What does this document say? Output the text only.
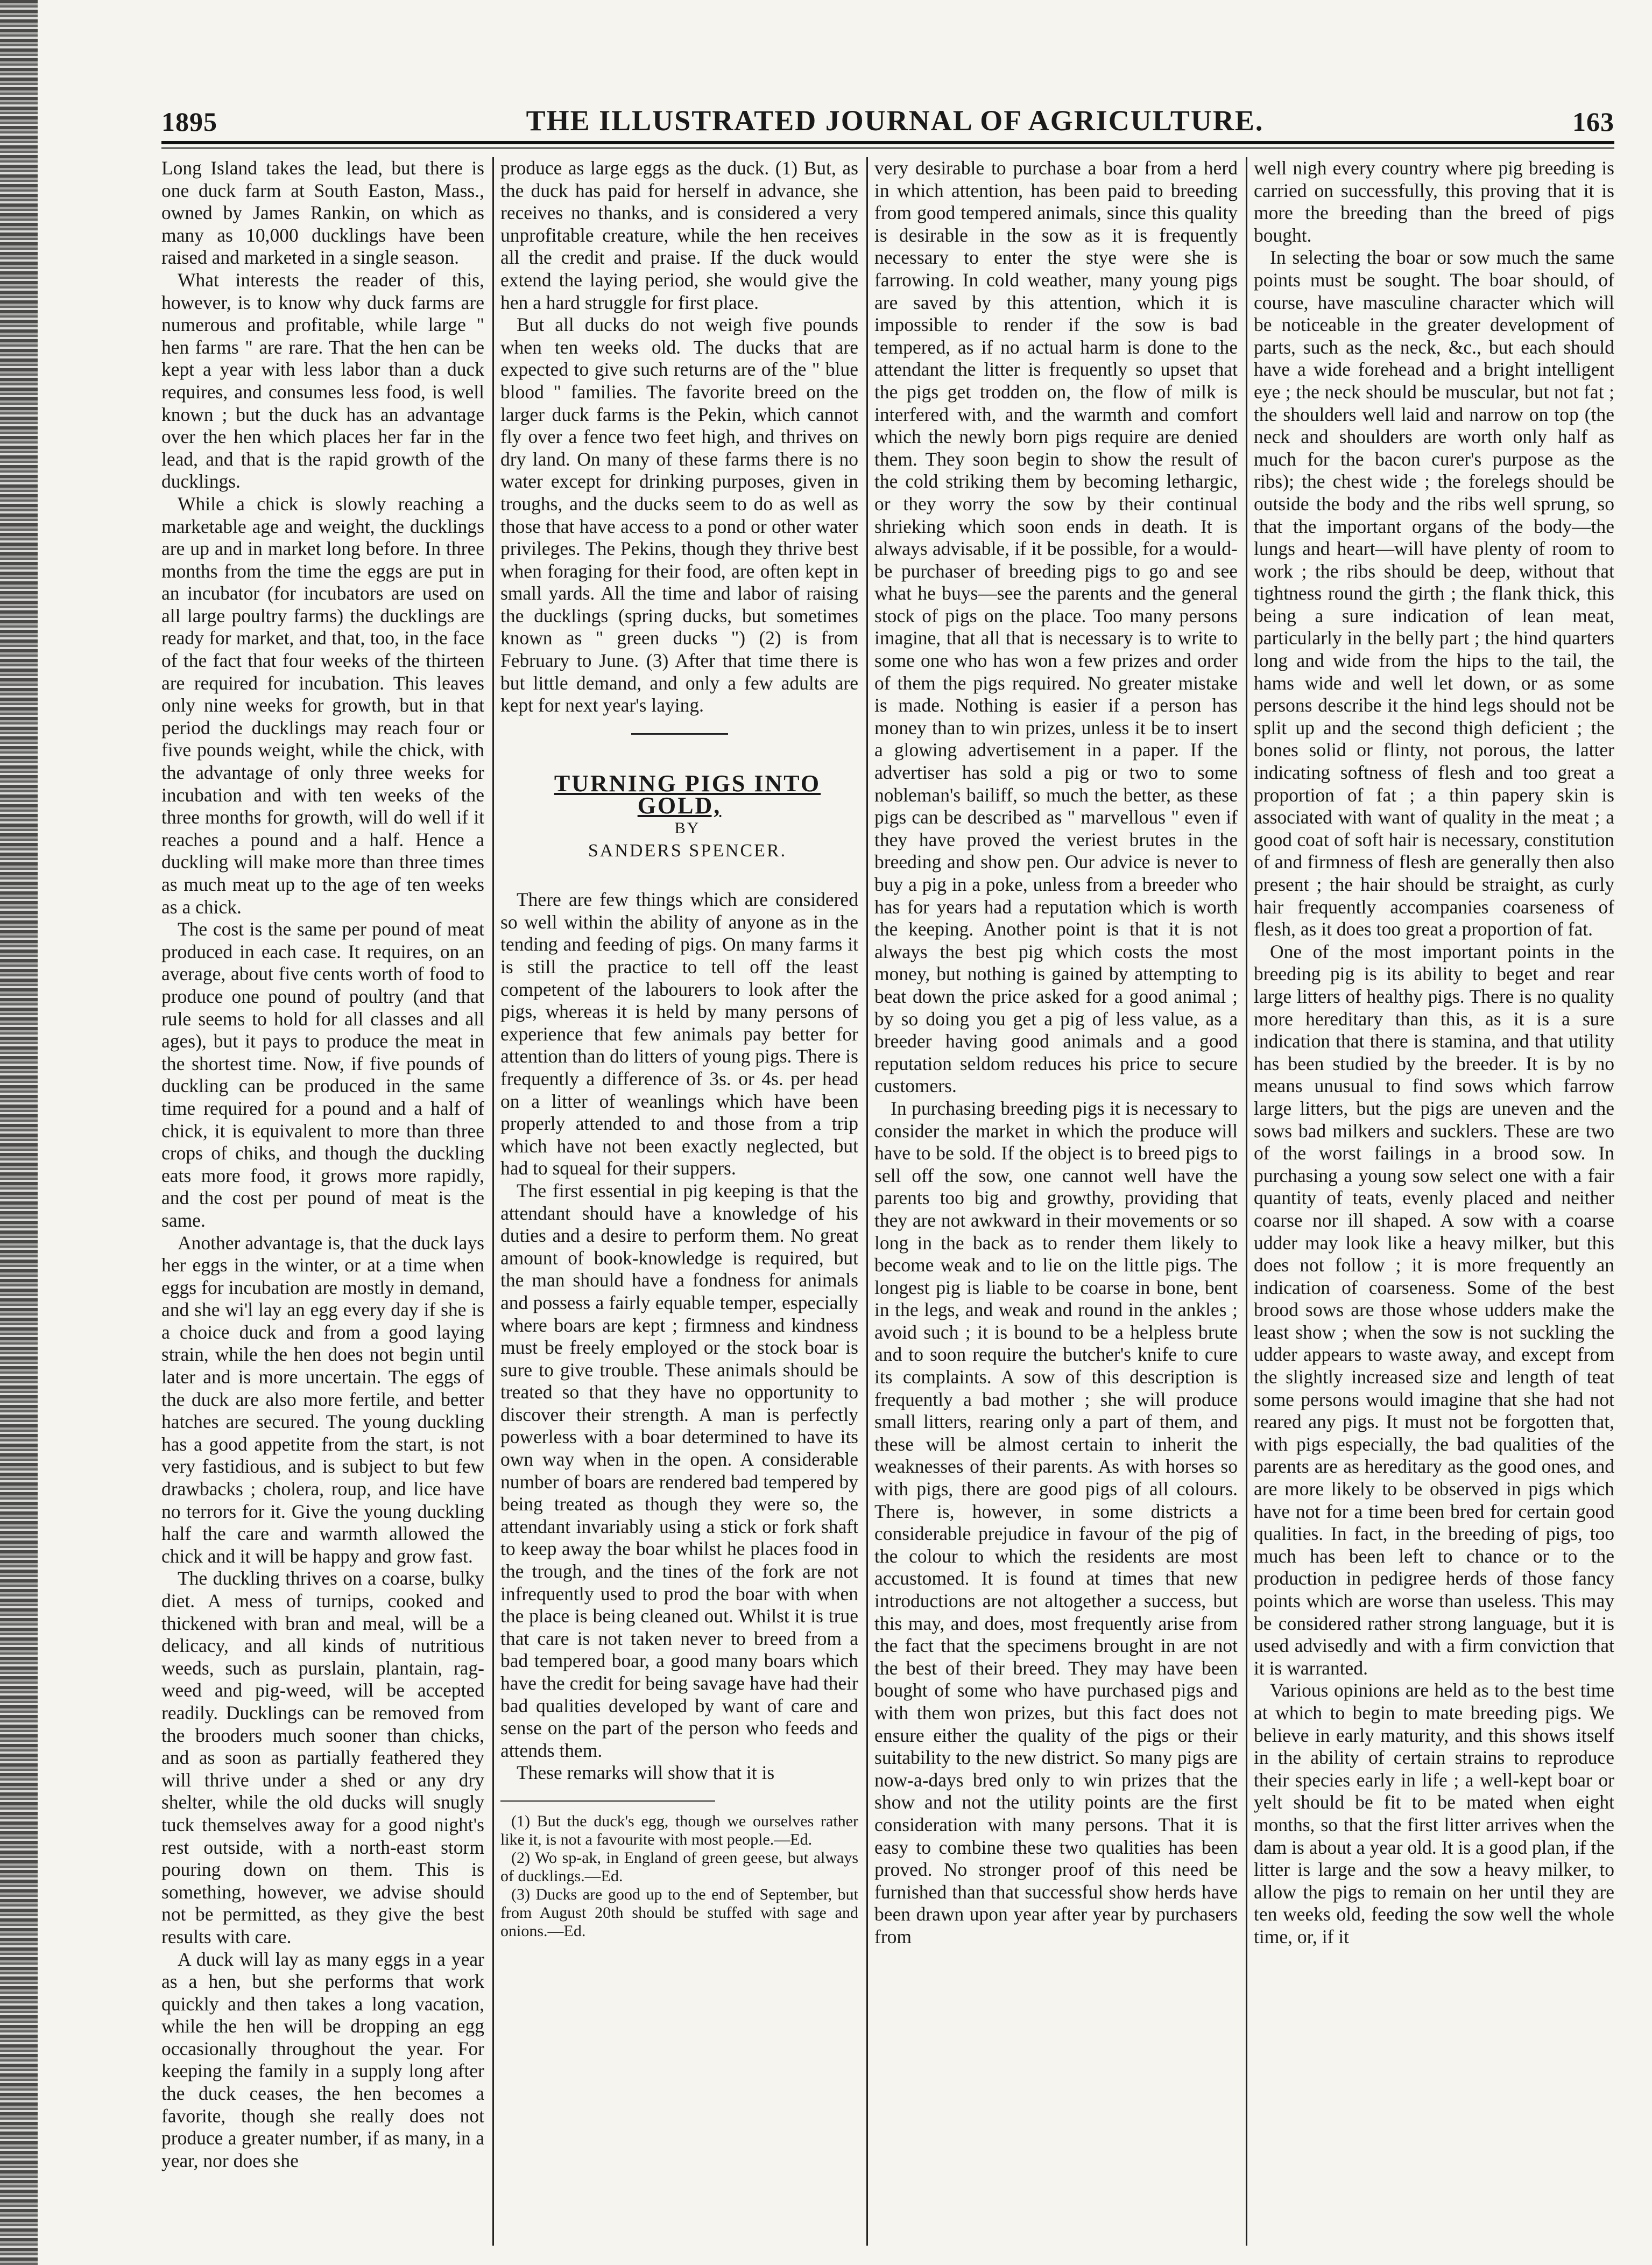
1895	THE ILLUSTRATED JOURNAL OF AGRICULTURE.	163

Long Island takes the lead, but there is one duck farm at South Easton, Mass., owned by James Rankin, on which as many as 10,000 ducklings have been raised and marketed in a single season.

What interests the reader of this, however, is to know why duck farms are numerous and profitable, while large " hen farms " are rare. That the hen can be kept a year with less labor than a duck requires, and consumes less food, is well known ; but the duck has an advantage over the hen which places her far in the lead, and that is the rapid growth of the ducklings.

While a chick is slowly reaching a marketable age and weight, the ducklings are up and in market long before. In three months from the time the eggs are put in an incubator (for incubators are used on all large poultry farms) the ducklings are ready for market, and that, too, in the face of the fact that four weeks of the thirteen are required for incubation. This leaves only nine weeks for growth, but in that period the ducklings may reach four or five pounds weight, while the chick, with the advantage of only three weeks for incubation and with ten weeks of the three months for growth, will do well if it reaches a pound and a half. Hence a duckling will make more than three times as much meat up to the age of ten weeks as a chick.

The cost is the same per pound of meat produced in each case. It requires, on an average, about five cents worth of food to produce one pound of poultry (and that rule seems to hold for all classes and all ages), but it pays to produce the meat in the shortest time. Now, if five pounds of duckling can be produced in the same time required for a pound and a half of chick, it is equivalent to more than three crops of chiks, and though the duckling eats more food, it grows more rapidly, and the cost per pound of meat is the same.

Another advantage is, that the duck lays her eggs in the winter, or at a time when eggs for incubation are mostly in demand, and she wi'l lay an egg every day if she is a choice duck and from a good laying strain, while the hen does not begin until later and is more uncertain. The eggs of the duck are also more fertile, and better hatches are secured. The young duckling has a good appetite from the start, is not very fastidious, and is subject to but few drawbacks ; cholera, roup, and lice have no terrors for it. Give the young duckling half the care and warmth allowed the chick and it will be happy and grow fast.

The duckling thrives on a coarse, bulky diet. A mess of turnips, cooked and thickened with bran and meal, will be a delicacy, and all kinds of nutritious weeds, such as purslain, plantain, rag-weed and pig-weed, will be accepted readily. Ducklings can be removed from the brooders much sooner than chicks, and as soon as partially feathered they will thrive under a shed or any dry shelter, while the old ducks will snugly tuck themselves away for a good night's rest outside, with a north-east storm pouring down on them. This is something, however, we advise should not be permitted, as they give the best results with care.

A duck will lay as many eggs in a year as a hen, but she performs that work quickly and then takes a long vacation, while the hen will be dropping an egg occasionally throughout the year. For keeping the family in a supply long after the duck ceases, the hen becomes a favorite, though she really does not produce a greater number, if as many, in a year, nor does she

produce as large eggs as the duck. (1) But, as the duck has paid for herself in advance, she receives no thanks, and is considered a very unprofitable creature, while the hen receives all the credit and praise. If the duck would extend the laying period, she would give the hen a hard struggle for first place.

But all ducks do not weigh five pounds when ten weeks old. The ducks that are expected to give such returns are of the " blue blood " families. The favorite breed on the larger duck farms is the Pekin, which cannot fly over a fence two feet high, and thrives on dry land. On many of these farms there is no water except for drinking purposes, given in troughs, and the ducks seem to do as well as those that have access to a pond or other water privileges. The Pekins, though they thrive best when foraging for their food, are often kept in small yards. All the time and labor of raising the ducklings (spring ducks, but sometimes known as " green ducks ") (2) is from February to June. (3) After that time there is but little demand, and only a few adults are kept for next year's laying.

TURNING PIGS INTO GOLD,

BY

SANDERS SPENCER.

There are few things which are considered so well within the ability of anyone as in the tending and feeding of pigs. On many farms it is still the practice to tell off the least competent of the labourers to look after the pigs, whereas it is held by many persons of experience that few animals pay better for attention than do litters of young pigs. There is frequently a difference of 3s. or 4s. per head on a litter of weanlings which have been properly attended to and those from a trip which have not been exactly neglected, but had to squeal for their suppers.

The first essential in pig keeping is that the attendant should have a knowledge of his duties and a desire to perform them. No great amount of book-knowledge is required, but the man should have a fondness for animals and possess a fairly equable temper, especially where boars are kept ; firmness and kindness must be freely employed or the stock boar is sure to give trouble. These animals should be treated so that they have no opportunity to discover their strength. A man is perfectly powerless with a boar determined to have its own way when in the open. A considerable number of boars are rendered bad tempered by being treated as though they were so, the attendant invariably using a stick or fork shaft to keep away the boar whilst he places food in the trough, and the tines of the fork are not infrequently used to prod the boar with when the place is being cleaned out. Whilst it is true that care is not taken never to breed from a bad tempered boar, a good many boars which have the credit for being savage have had their bad qualities developed by want of care and sense on the part of the person who feeds and attends them.

These remarks will show that it is

(1) But the duck's egg, though we ourselves rather like it, is not a favourite with most people.—Ed.

(2) Wo sp-ak, in England of green geese, but always of ducklings.—Ed.

(3) Ducks are good up to the end of September, but from August 20th should be stuffed with sage and onions.—Ed.

very desirable to purchase a boar from a herd in which attention, has been paid to breeding from good tempered animals, since this quality is desirable in the sow as it is frequently necessary to enter the stye were she is farrowing. In cold weather, many young pigs are saved by this attention, which it is impossible to render if the sow is bad tempered, as if no actual harm is done to the attendant the litter is frequently so upset that the pigs get trodden on, the flow of milk is interfered with, and the warmth and comfort which the newly born pigs require are denied them. They soon begin to show the result of the cold striking them by becoming lethargic, or they worry the sow by their continual shrieking which soon ends in death. It is always advisable, if it be possible, for a would-be purchaser of breeding pigs to go and see what he buys—see the parents and the general stock of pigs on the place. Too many persons imagine, that all that is necessary is to write to some one who has won a few prizes and order of them the pigs required. No greater mistake is made. Nothing is easier if a person has money than to win prizes, unless it be to insert a glowing advertisement in a paper. If the advertiser has sold a pig or two to some nobleman's bailiff, so much the better, as these pigs can be described as " marvellous " even if they have proved the veriest brutes in the breeding and show pen. Our advice is never to buy a pig in a poke, unless from a breeder who has for years had a reputation which is worth the keeping. Another point is that it is not always the best pig which costs the most money, but nothing is gained by attempting to beat down the price asked for a good animal ; by so doing you get a pig of less value, as a breeder having good animals and a good reputation seldom reduces his price to secure customers.

In purchasing breeding pigs it is necessary to consider the market in which the produce will have to be sold. If the object is to breed pigs to sell off the sow, one cannot well have the parents too big and growthy, providing that they are not awkward in their movements or so long in the back as to render them likely to become weak and to lie on the little pigs. The longest pig is liable to be coarse in bone, bent in the legs, and weak and round in the ankles ; avoid such ; it is bound to be a helpless brute and to soon require the butcher's knife to cure its complaints. A sow of this description is frequently a bad mother ; she will produce small litters, rearing only a part of them, and these will be almost certain to inherit the weaknesses of their parents. As with horses so with pigs, there are good pigs of all colours. There is, however, in some districts a considerable prejudice in favour of the pig of the colour to which the residents are most accustomed. It is found at times that new introductions are not altogether a success, but this may, and does, most frequently arise from the fact that the specimens brought in are not the best of their breed. They may have been bought of some who have purchased pigs and with them won prizes, but this fact does not ensure either the quality of the pigs or their suitability to the new district. So many pigs are now-a-days bred only to win prizes that the show and not the utility points are the first consideration with many persons. That it is easy to combine these two qualities has been proved. No stronger proof of this need be furnished than that successful show herds have been drawn upon year after year by purchasers from

well nigh every country where pig breeding is carried on successfully, this proving that it is more the breeding than the breed of pigs bought.

In selecting the boar or sow much the same points must be sought. The boar should, of course, have masculine character which will be noticeable in the greater development of parts, such as the neck, &c., but each should have a wide forehead and a bright intelligent eye ; the neck should be muscular, but not fat ; the shoulders well laid and narrow on top (the neck and shoulders are worth only half as much for the bacon curer's purpose as the ribs); the chest wide ; the forelegs should be outside the body and the ribs well sprung, so that the important organs of the body—the lungs and heart—will have plenty of room to work ; the ribs should be deep, without that tightness round the girth ; the flank thick, this being a sure indication of lean meat, particularly in the belly part ; the hind quarters long and wide from the hips to the tail, the hams wide and well let down, or as some persons describe it the hind legs should not be split up and the second thigh deficient ; the bones solid or flinty, not porous, the latter indicating softness of flesh and too great a proportion of fat ; a thin papery skin is associated with want of quality in the meat ; a good coat of soft hair is necessary, constitution of and firmness of flesh are generally then also present ; the hair should be straight, as curly hair frequently accompanies coarseness of flesh, as it does too great a proportion of fat.

One of the most important points in the breeding pig is its ability to beget and rear large litters of healthy pigs. There is no quality more hereditary than this, as it is a sure indication that there is stamina, and that utility has been studied by the breeder. It is by no means unusual to find sows which farrow large litters, but the pigs are uneven and the sows bad milkers and sucklers. These are two of the worst failings in a brood sow. In purchasing a young sow select one with a fair quantity of teats, evenly placed and neither coarse nor ill shaped. A sow with a coarse udder may look like a heavy milker, but this does not follow ; it is more frequently an indication of coarseness. Some of the best brood sows are those whose udders make the least show ; when the sow is not suckling the udder appears to waste away, and except from the slightly increased size and length of teat some persons would imagine that she had not reared any pigs. It must not be forgotten that, with pigs especially, the bad qualities of the parents are as hereditary as the good ones, and are more likely to be observed in pigs which have not for a time been bred for certain good qualities. In fact, in the breeding of pigs, too much has been left to chance or to the production in pedigree herds of those fancy points which are worse than useless. This may be considered rather strong language, but it is used advisedly and with a firm conviction that it is warranted.

Various opinions are held as to the best time at which to begin to mate breeding pigs. We believe in early maturity, and this shows itself in the ability of certain strains to reproduce their species early in life ; a well-kept boar or yelt should be fit to be mated when eight months, so that the first litter arrives when the dam is about a year old. It is a good plan, if the litter is large and the sow a heavy milker, to allow the pigs to remain on her until they are ten weeks old, feeding the sow well the whole time, or, if it
